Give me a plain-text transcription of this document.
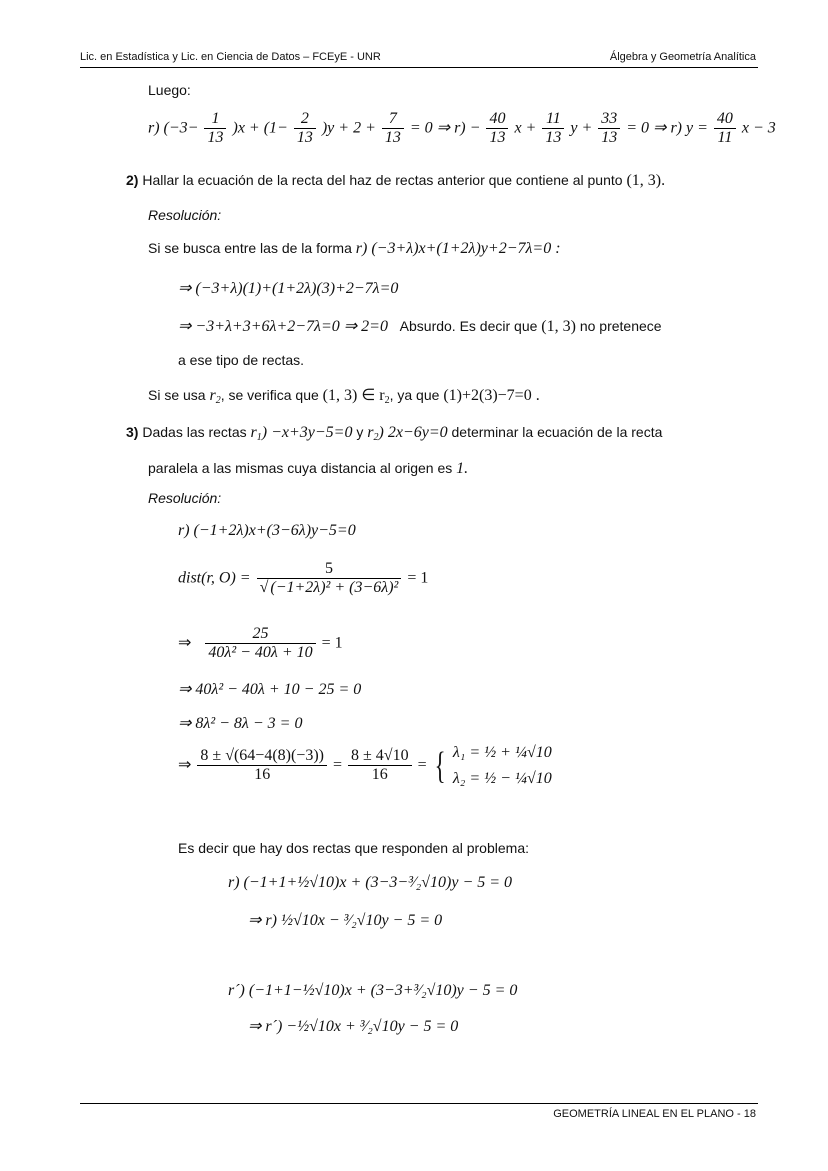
Lic. en Estadística y Lic. en Ciencia de Datos – FCEyE - UNR	Álgebra y Geometría Analítica
Luego:
r) $(-3- \frac{1}{13} )x + (1- \frac{2}{13} )y + 2 + \frac{7}{13} = 0$ ⇒ $r) - \frac{40}{13}$ $x + \frac{11}{13}$ $y + \frac{33}{13} = 0$ ⇒ r) $y = \frac{40}{11}$ x − 3
2) Hallar la ecuación de la recta del haz de rectas anterior que contiene al punto (1, 3).
Resolución:
Si se busca entre las de la forma r) (−3+λ)x+(1+2λ)y+2−7λ=0 :
⇒ (−3+λ)(1)+(1+2λ)(3)+2−7λ=0
⇒ −3+λ+3+6λ+2−7λ=0 ⇒ 2=0 Absurdo. Es decir que (1, 3) no pretenece
a ese tipo de rectas.
Si se usa $r_2$, se verifica que (1, 3) ∈ $r_2$, ya que (1)+2(3)−7=0 .
3) Dadas las rectas $r_1) -x+3y-5=0$ y $r_2$) 2x−6y=0 determinar la ecuación de la recta
paralela a las mismas cuya distancia al origen es 1.
Resolución:
r) (−1+2λ)x+(3−6λ)y−5=0
dist(r, $O) = \frac{5}{\text{√ (−1+2λ)² + (3−6λ)²}} = 1$
⇒ $\frac{25}{\text{40λ² − 40λ + 10}} = 1$
⇒ 40λ² − 40λ + 10 − 25 = 0
⇒ 8λ² − 8λ − 3 = 0
⇒ $\frac{8 \pm √(64-4(8)(-3))}{16} = \frac{8 \pm 4√10}{16}$ = { λ₁ = ½ + ¼√10
λ₂ = ½ − ¼√10
Es decir que hay dos rectas que responden al problema:
r) (−1+1+½√10)x + (3−3−³⁄₂√10)y − 5 = 0
⇒ r) ½√10x − ³⁄₂√10y − 5 = 0
r´) (−1+1−½√10)x + (3−3+³⁄₂√10)y − 5 = 0
⇒ r´) −½√10x + ³⁄₂√10y − 5 = 0
GEOMETRÍA LINEAL EN EL PLANO - 18
